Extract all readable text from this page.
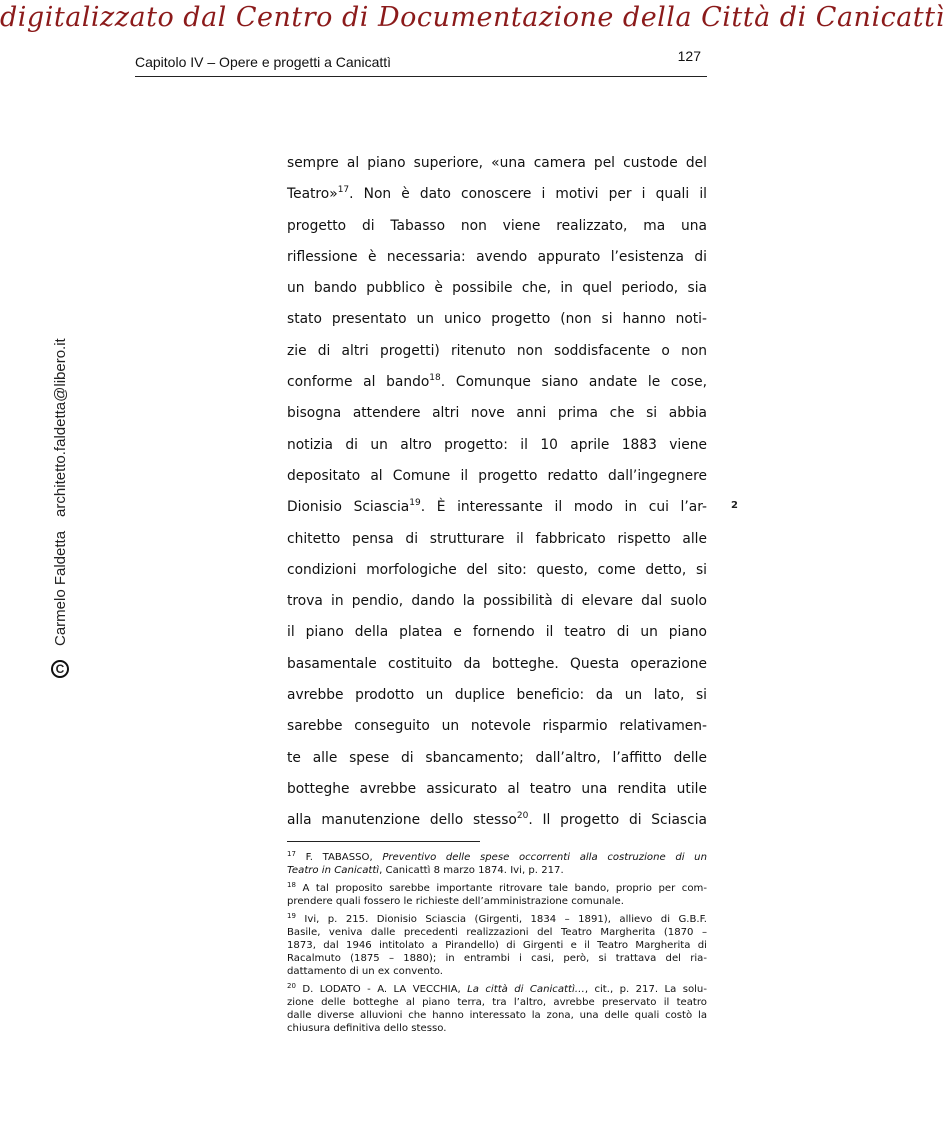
digitalizzato dal Centro di Documentazione della Città di Canicattì
Capitolo IV – Opere e progetti a Canicattì	127
C
Carmelo Faldetta
architetto.faldetta@libero.it	2
sempre al piano superiore, «una camera pel custode del
Teatro»$^{17}$. Non è dato conoscere i motivi per i quali il
progetto di Tabasso non viene realizzato, ma una
riflessione è necessaria: avendo appurato l’esistenza di
un bando pubblico è possibile che, in quel periodo, sia
stato presentato un unico progetto (non si hanno noti-
zie di altri progetti) ritenuto non soddisfacente o non
conforme al bando$^{18}$. Comunque siano andate le cose,
bisogna attendere altri nove anni prima che si abbia
notizia di un altro progetto: il 10 aprile 1883 viene
depositato al Comune il progetto redatto dall’ingegnere
Dionisio Sciascia$^{19}$. È interessante il modo in cui l’ar-
chitetto pensa di strutturare il fabbricato rispetto alle
condizioni morfologiche del sito: questo, come detto, si
trova in pendio, dando la possibilità di elevare dal suolo
il piano della platea e fornendo il teatro di un piano
basamentale costituito da botteghe. Questa operazione
avrebbe prodotto un duplice beneficio: da un lato, si
sarebbe conseguito un notevole risparmio relativamen-
te alle spese di sbancamento; dall’altro, l’affitto delle
botteghe avrebbe assicurato al teatro una rendita utile
alla manutenzione dello stesso$^{20}$. Il progetto di Sciascia
$^{17}$ F. TABASSO, Preventivo delle spese occorrenti alla costruzione di un
Teatro in Canicattì, Canicattì 8 marzo 1874. Ivi, p. 217.
$^{18}$ A tal proposito sarebbe importante ritrovare tale bando, proprio per com-
prendere quali fossero le richieste dell’amministrazione comunale.
$^{19}$ Ivi, p. 215. Dionisio Sciascia (Girgenti, 1834 – 1891), allievo di G.B.F.
Basile, veniva dalle precedenti realizzazioni del Teatro Margherita (1870 –
1873, dal 1946 intitolato a Pirandello) di Girgenti e il Teatro Margherita di
Racalmuto (1875 – 1880); in entrambi i casi, però, si trattava del ria-
dattamento di un ex convento.
$^{20}$ D. LODATO - A. LA VECCHIA, La città di Canicattì…, cit., p. 217. La solu-
zione delle botteghe al piano terra, tra l’altro, avrebbe preservato il teatro
dalle diverse alluvioni che hanno interessato la zona, una delle quali costò la
chiusura definitiva dello stesso.
